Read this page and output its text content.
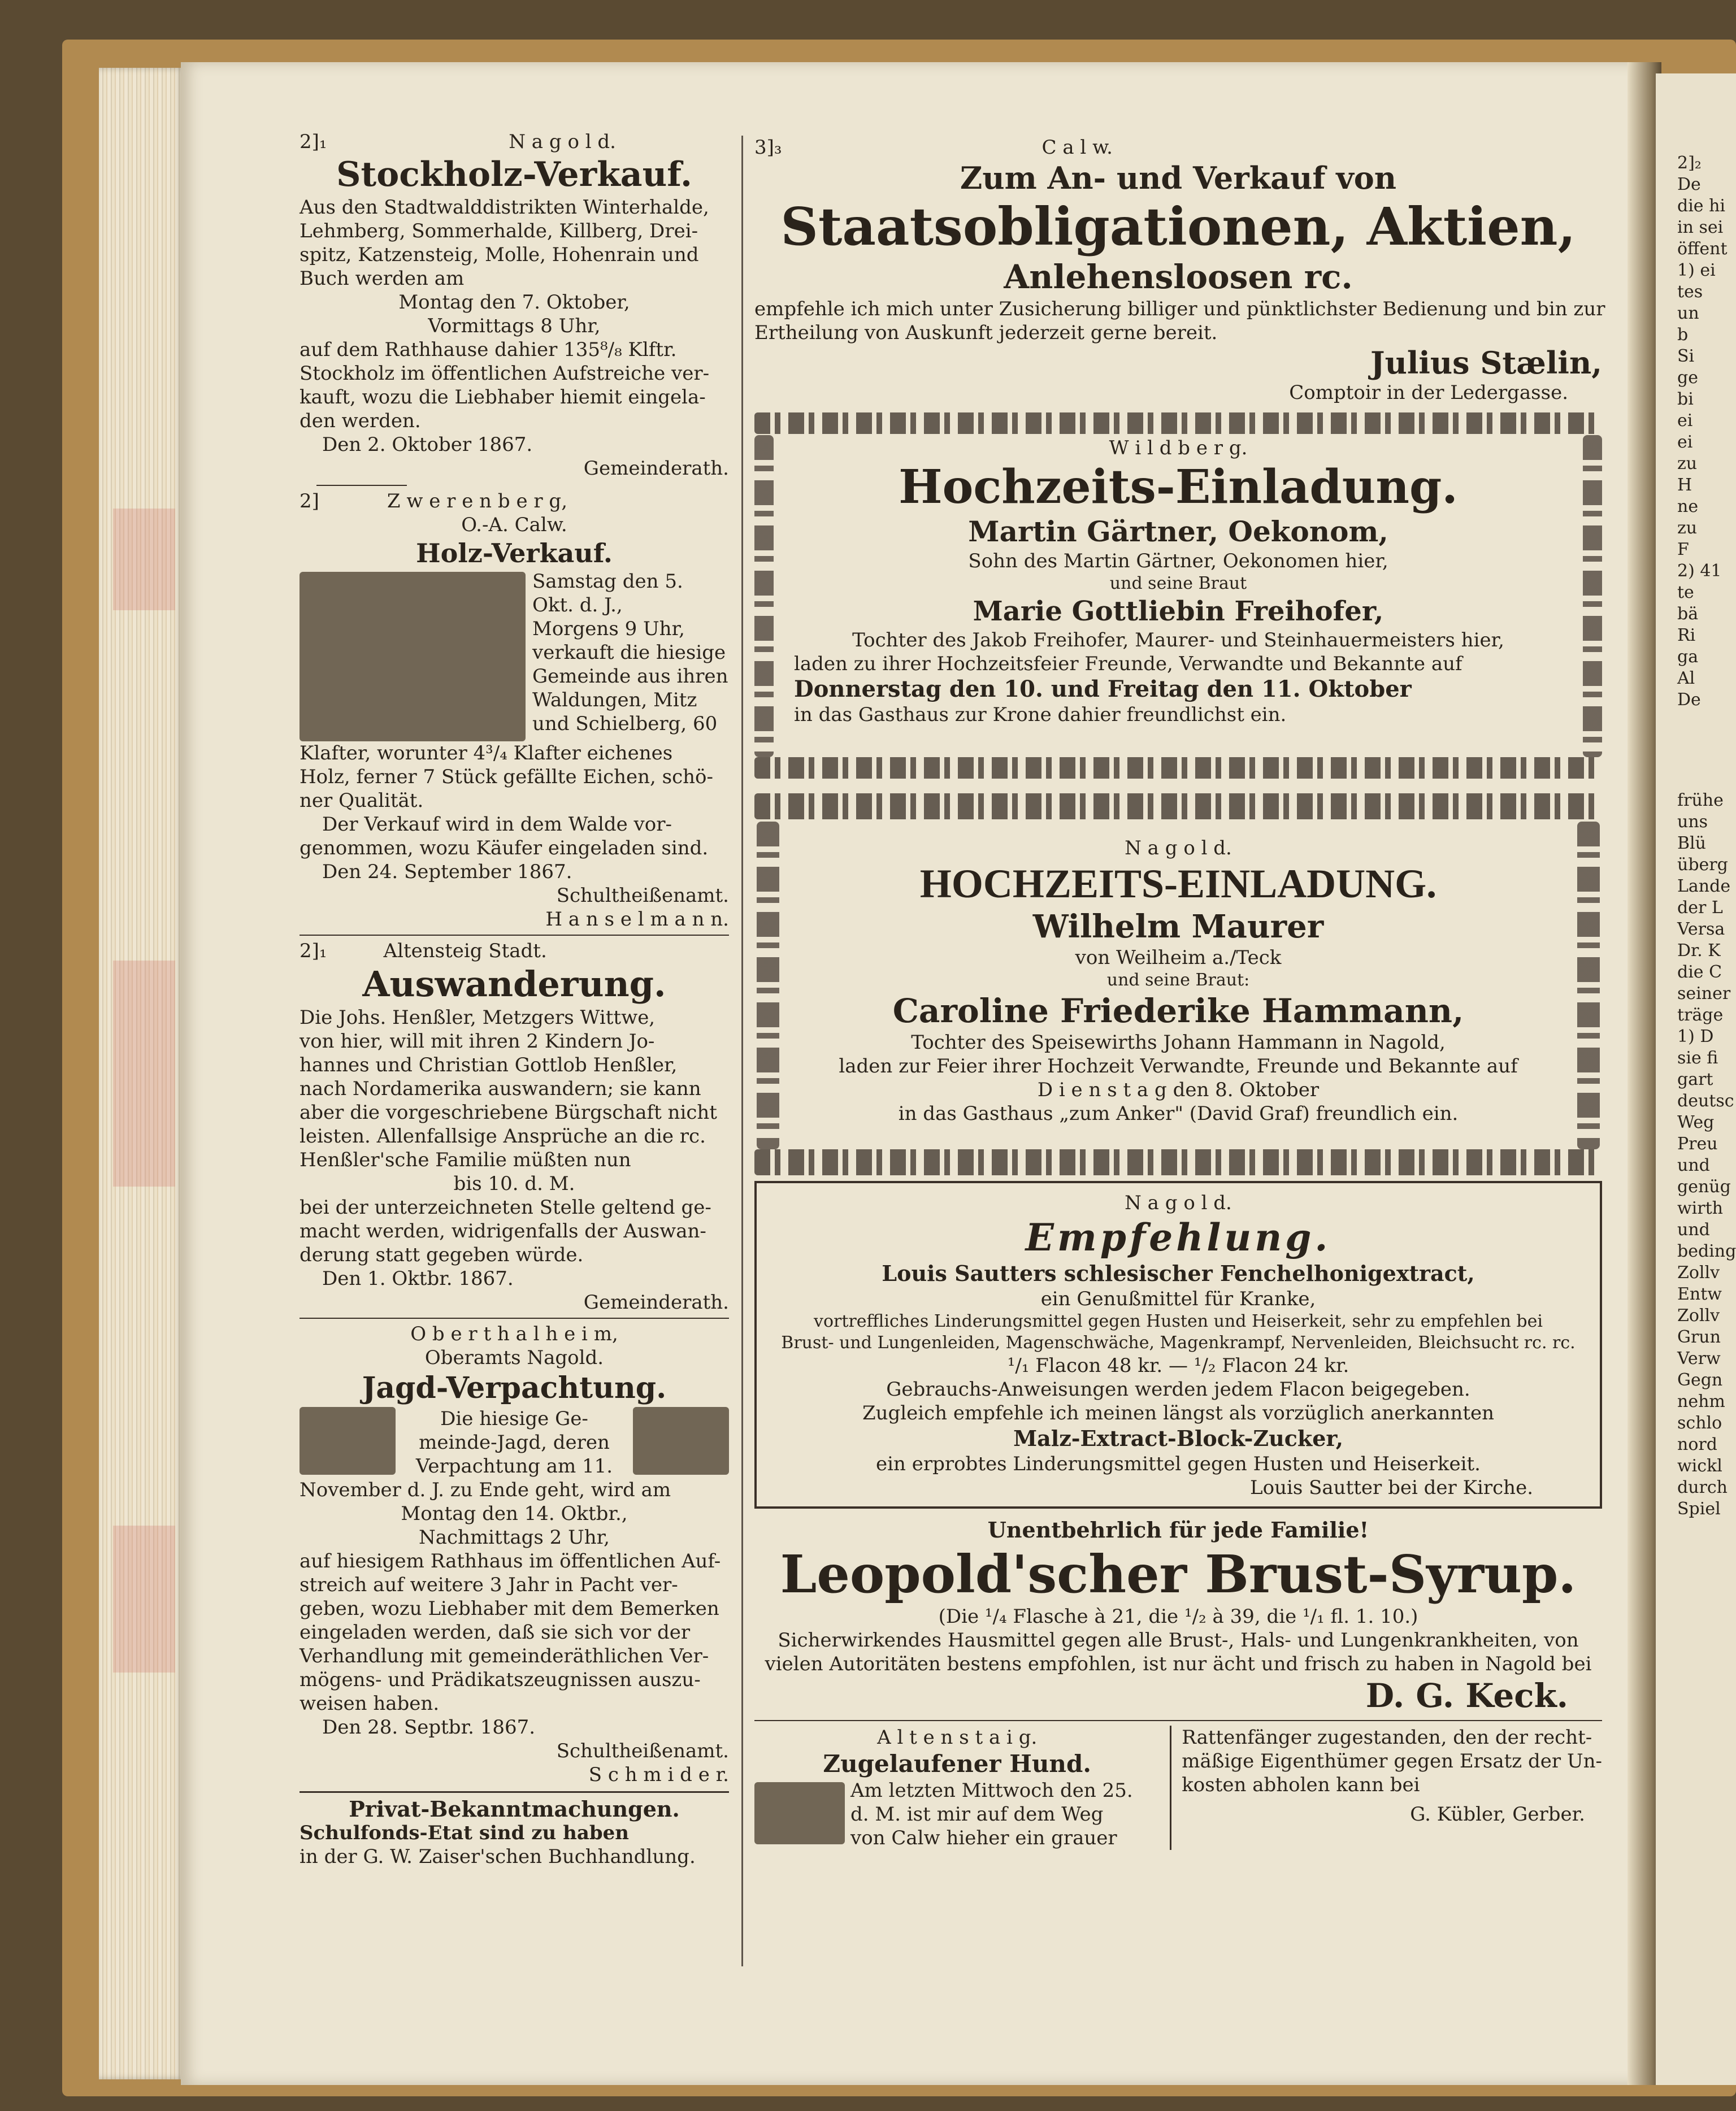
2]₁	N a g o l d.
Stockholz-Verkauf.
Aus den Stadtwalddistrikten Winterhalde,
Lehmberg, Sommerhalde, Killberg, Drei-
spitz, Katzensteig, Molle, Hohenrain und
Buch werden am
Montag den 7. Oktober,
Vormittags 8 Uhr,
auf dem Rathhause dahier 135⁸/₈ Klftr.
Stockholz im öffentlichen Aufstreiche ver-
kauft, wozu die Liebhaber hiemit eingela-
den werden.
Den 2. Oktober 1867.
Gemeinderath.
2]	Z w e r e n b e r g,
O.-A. Calw.
Holz-Verkauf.
Samstag den 5.
Okt. d. J.,
Morgens 9 Uhr,
verkauft die hiesige
Gemeinde aus ihren
Waldungen, Mitz
und Schielberg, 60
Klafter, worunter 4³/₄ Klafter eichenes
Holz, ferner 7 Stück gefällte Eichen, schö-
ner Qualität.
Der Verkauf wird in dem Walde vor-
genommen, wozu Käufer eingeladen sind.
Den 24. September 1867.
Schultheißenamt.
H a n s e l m a n n.
2]₁	Altensteig Stadt.
Auswanderung.
Die Johs. Henßler, Metzgers Wittwe,
von hier, will mit ihren 2 Kindern Jo-
hannes und Christian Gottlob Henßler,
nach Nordamerika auswandern; sie kann
aber die vorgeschriebene Bürgschaft nicht
leisten. Allenfallsige Ansprüche an die rc.
Henßler'sche Familie müßten nun
bis 10. d. M.
bei der unterzeichneten Stelle geltend ge-
macht werden, widrigenfalls der Auswan-
derung statt gegeben würde.
Den 1. Oktbr. 1867.
Gemeinderath.
O b e r t h a l h e i m,
Oberamts Nagold.
Jagd-Verpachtung.
Die hiesige Ge-
meinde-Jagd, deren
Verpachtung am 11.
November d. J. zu Ende geht, wird am
Montag den 14. Oktbr.,
Nachmittags 2 Uhr,
auf hiesigem Rathhaus im öffentlichen Auf-
streich auf weitere 3 Jahr in Pacht ver-
geben, wozu Liebhaber mit dem Bemerken
eingeladen werden, daß sie sich vor der
Verhandlung mit gemeinderäthlichen Ver-
mögens- und Prädikatszeugnissen auszu-
weisen haben.
Den 28. Septbr. 1867.
Schultheißenamt.
S c h m i d e r.
Privat-Bekanntmachungen.
Schulfonds-Etat sind zu haben
in der G. W. Zaiser'schen Buchhandlung.
3]₃	C a l w.
Zum An- und Verkauf von
Staatsobligationen, Aktien,
Anlehensloosen rc.
empfehle ich mich unter Zusicherung billiger und pünktlichster Bedienung und bin zur
Ertheilung von Auskunft jederzeit gerne bereit.
Julius Stælin,
Comptoir in der Ledergasse.
W i l d b e r g.
Hochzeits-Einladung.
Martin Gärtner, Oekonom,
Sohn des Martin Gärtner, Oekonomen hier,
und seine Braut
Marie Gottliebin Freihofer,
Tochter des Jakob Freihofer, Maurer- und Steinhauermeisters hier,
laden zu ihrer Hochzeitsfeier Freunde, Verwandte und Bekannte auf
Donnerstag den 10. und Freitag den 11. Oktober
in das Gasthaus zur Krone dahier freundlichst ein.
N a g o l d.
HOCHZEITS-EINLADUNG.
Wilhelm Maurer
von Weilheim a./Teck
und seine Braut:
Caroline Friederike Hammann,
Tochter des Speisewirths Johann Hammann in Nagold,
laden zur Feier ihrer Hochzeit Verwandte, Freunde und Bekannte auf
D i e n s t a g den 8. Oktober
in das Gasthaus „zum Anker" (David Graf) freundlich ein.
N a g o l d.
Empfehlung.
Louis Sautters schlesischer Fenchelhonigextract,
ein Genußmittel für Kranke,
vortreffliches Linderungsmittel gegen Husten und Heiserkeit, sehr zu empfehlen bei
Brust- und Lungenleiden, Magenschwäche, Magenkrampf, Nervenleiden, Bleichsucht rc. rc.
¹/₁ Flacon 48 kr. — ¹/₂ Flacon 24 kr.
Gebrauchs-Anweisungen werden jedem Flacon beigegeben.
Zugleich empfehle ich meinen längst als vorzüglich anerkannten
Malz-Extract-Block-Zucker,
ein erprobtes Linderungsmittel gegen Husten und Heiserkeit.
Louis Sautter bei der Kirche.
Unentbehrlich für jede Familie!
Leopold'scher Brust-Syrup.
(Die ¹/₄ Flasche à 21, die ¹/₂ à 39, die ¹/₁ fl. 1. 10.)
Sicherwirkendes Hausmittel gegen alle Brust-, Hals- und Lungenkrankheiten, von
vielen Autoritäten bestens empfohlen, ist nur ächt und frisch zu haben in Nagold bei
D. G. Keck.
A l t e n s t a i g.
Zugelaufener Hund.
Am letzten Mittwoch den 25.
d. M. ist mir auf dem Weg
von Calw hieher ein grauer
Rattenfänger zugestanden, den der recht-
mäßige Eigenthümer gegen Ersatz der Un-
kosten abholen kann bei
G. Kübler, Gerber.
2]₂
De
die hi
in sei
öffent
1) ei
tes
un
b
Si
ge
bi
ei
ei
zu
H
ne
zu
F
2) 41
te
bä
Ri
ga
Al
De
frühe
uns
Blü
überg
Lande
der L
Versa
Dr. K
die C
seiner
träge
1) D
sie fi
gart
deutsc
Weg
Preu
und
genüg
wirth
und
beding
Zollv
Entw
Zollv
Grun
Verw
Gegn
nehm
schlo
nord
wickl
durch
Spiel
